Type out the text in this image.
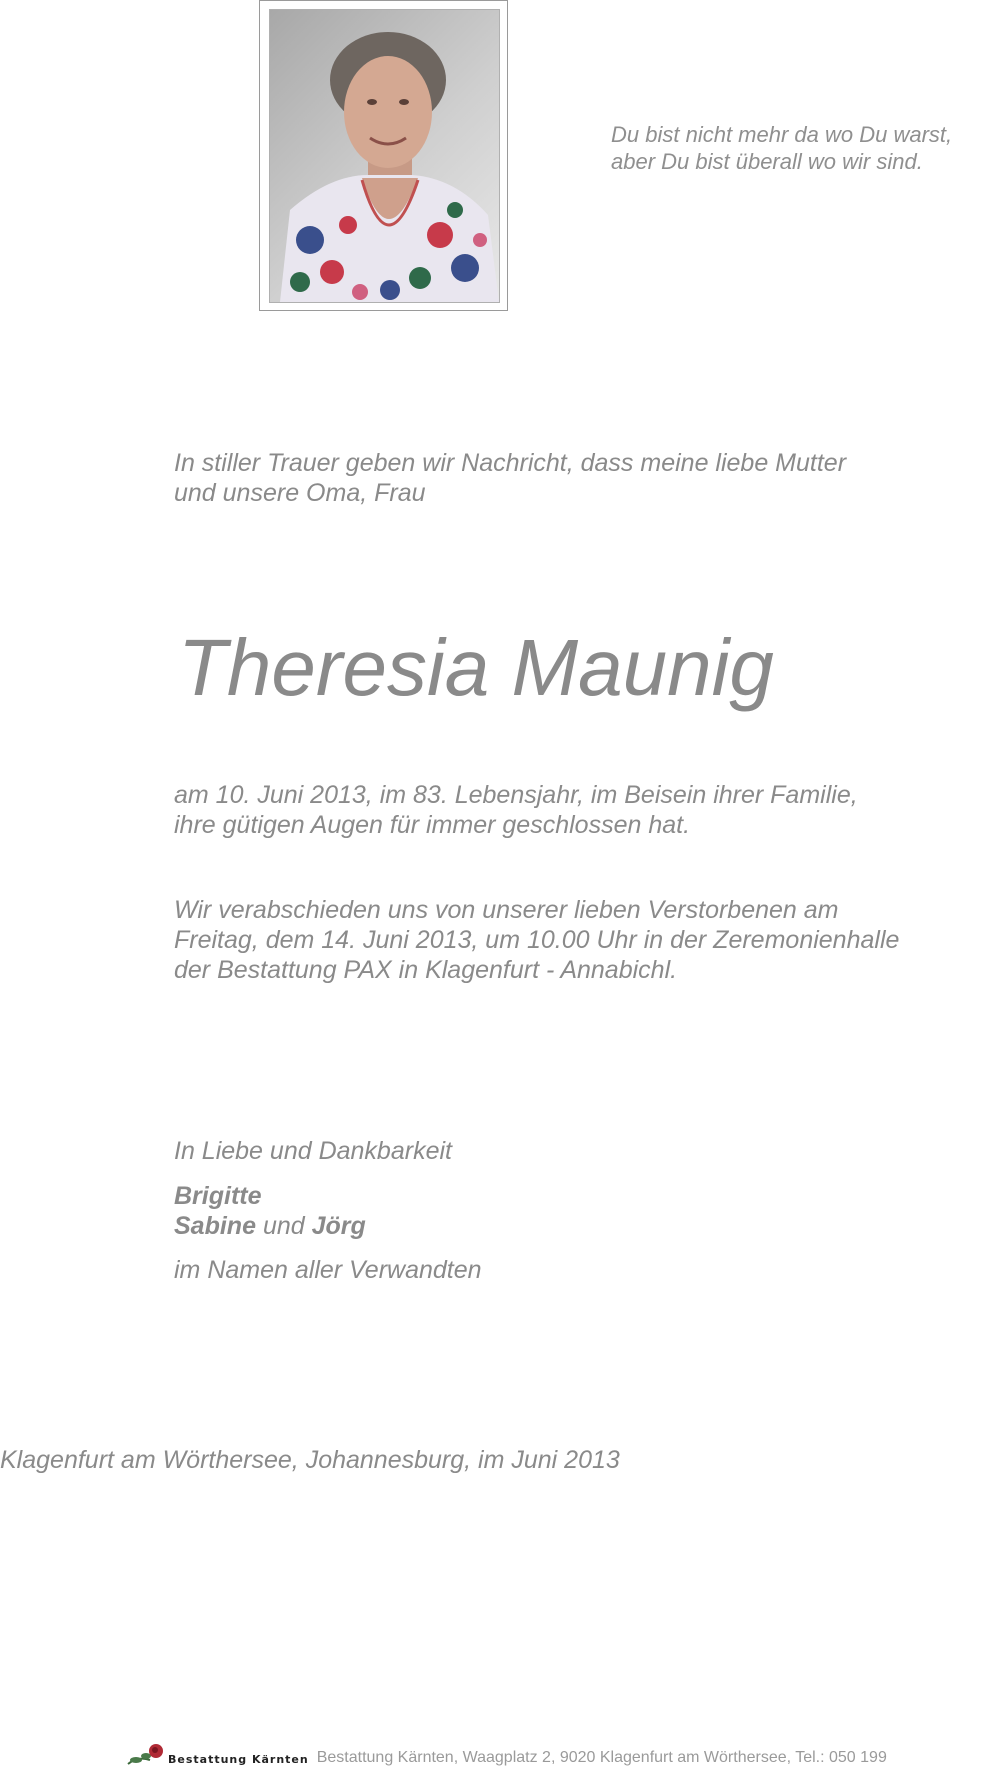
Du bist nicht mehr da wo Du warst,
aber Du bist überall wo wir sind.

In stiller Trauer geben wir Nachricht, dass meine liebe Mutter
und unsere Oma, Frau

Theresia Maunig

am 10. Juni 2013, im 83. Lebensjahr, im Beisein ihrer Familie,
ihre gütigen Augen für immer geschlossen hat.

Wir verabschieden uns von unserer lieben Verstorbenen am
Freitag, dem 14. Juni 2013, um 10.00 Uhr in der Zeremonienhalle
der Bestattung PAX in Klagenfurt - Annabichl.

In Liebe und Dankbarkeit

Brigitte
Sabine und Jörg

im Namen aller Verwandten

Klagenfurt am Wörthersee, Johannesburg, im Juni 2013

Bestattung Kärnten Bestattung Kärnten, Waagplatz 2, 9020 Klagenfurt am Wörthersee, Tel.: 050 199
